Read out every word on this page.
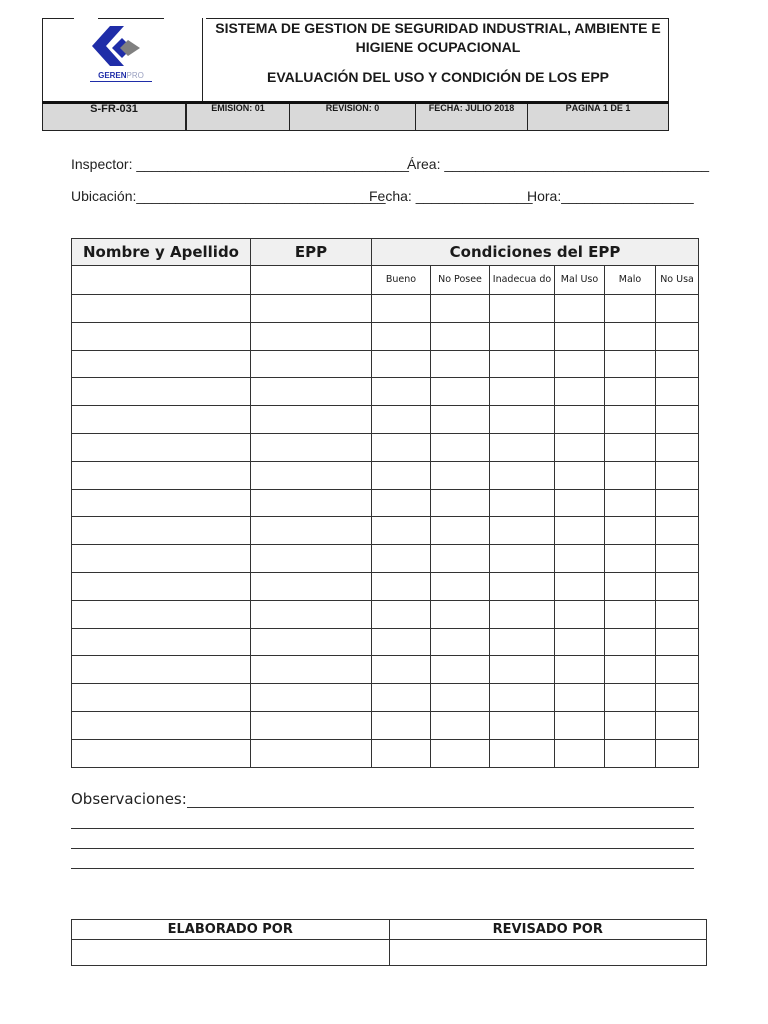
S-FR-031	EMISIÓN: 01	REVISIÓN: 0	FECHA: JULIO 2018	PÁGINA 1 DE 1
GERENPRO
SISTEMA DE GESTION DE SEGURIDAD INDUSTRIAL, AMBIENTE E HIGIENE OCUPACIONAL
EVALUACIÓN DEL USO Y CONDICIÓN DE LOS EPP
Inspector: ___________________________________
Área: __________________________________
Ubicación:________________________________
Fecha: _______________
Hora:_________________
Nombre y Apellido	EPP	Condiciones del EPP					
		Bueno	No Posee	Inadecua do	Mal Uso	Malo	No Usa

Observaciones:
ELABORADO POR	REVISADO POR
